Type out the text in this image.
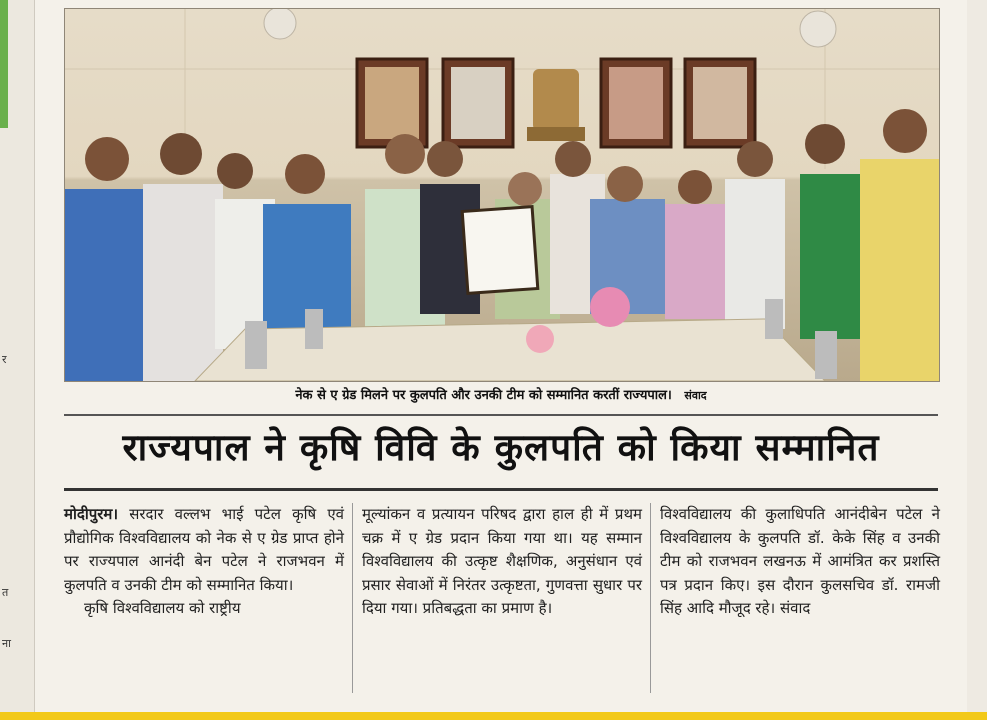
र
त
ना
नेक से ए ग्रेड मिलने पर कुलपति और उनकी टीम को सम्मानित करतीं राज्यपाल। संवाद
राज्यपाल ने कृषि विवि के कुलपति को किया सम्मानित
मोदीपुरम। सरदार वल्लभ भाई पटेल कृषि एवं प्रौद्योगिक विश्वविद्यालय को नेक से ए ग्रेड प्राप्त होने पर राज्यपाल आनंदी बेन पटेल ने राजभवन में कुलपति व उनकी टीम को सम्मानित किया।
कृषि विश्वविद्यालय को राष्ट्रीय
मूल्यांकन व प्रत्यायन परिषद द्वारा हाल ही में प्रथम चक्र में ए ग्रेड प्रदान किया गया था। यह सम्मान विश्वविद्यालय की उत्कृष्ट शैक्षणिक, अनुसंधान एवं प्रसार सेवाओं में निरंतर उत्कृष्टता, गुणवत्ता सुधार पर दिया गया। प्रतिबद्धता का प्रमाण है।
विश्वविद्यालय की कुलाधिपति आनंदीबेन पटेल ने विश्वविद्यालय के कुलपति डॉ. केके सिंह व उनकी टीम को राजभवन लखनऊ में आमंत्रित कर प्रशस्ति पत्र प्रदान किए। इस दौरान कुलसचिव डॉ. रामजी सिंह आदि मौजूद रहे। संवाद
